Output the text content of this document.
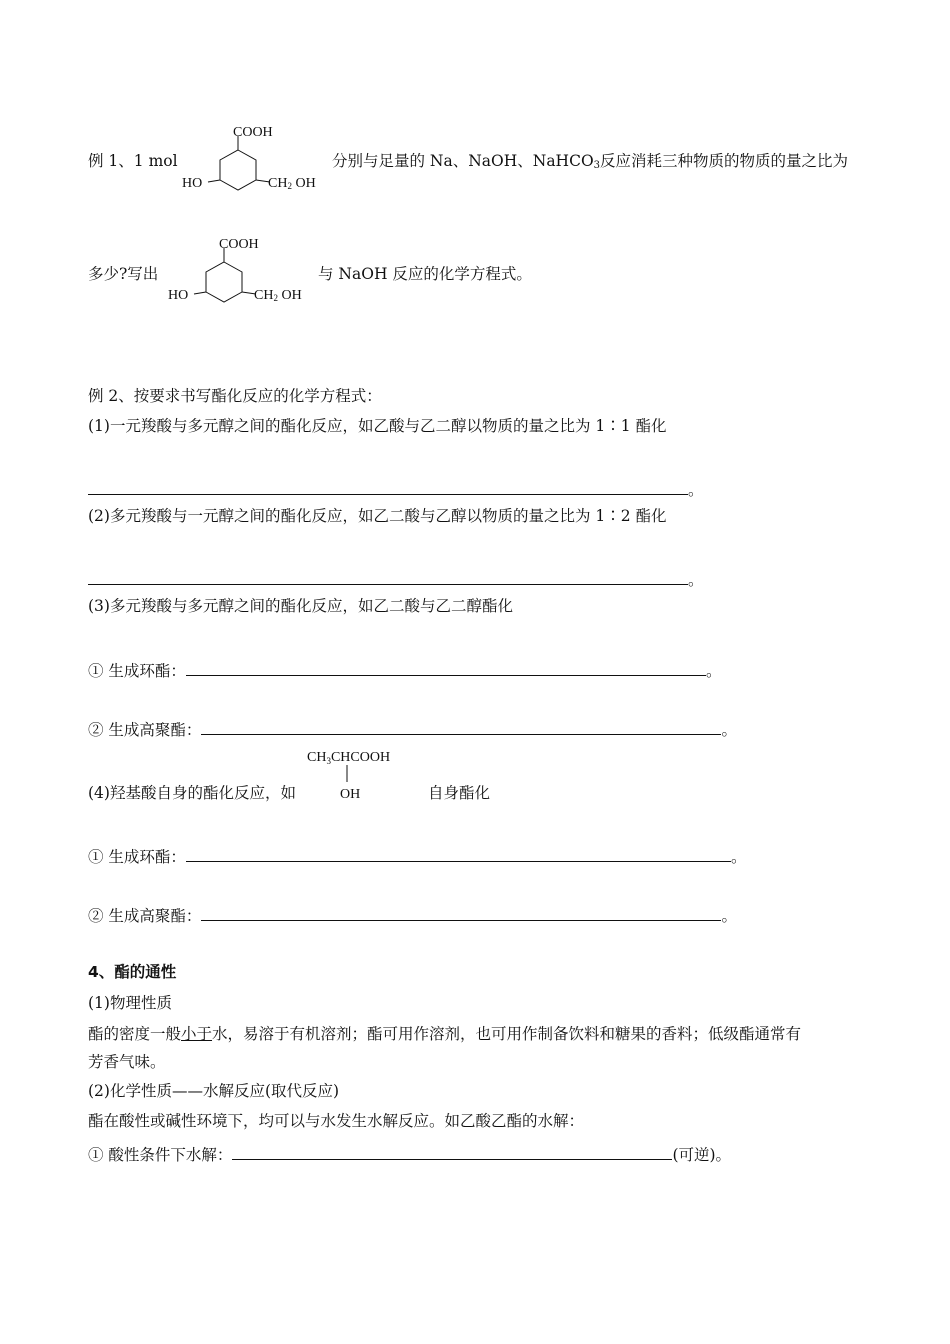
例 1、1 mol
COOH
HO	CH2 OH
分别与足量的 Na、NaOH、NaHCO$_3$反应消耗三种物质的物质的量之比为
多少?写出
COOH
HO	CH2 OH
与 NaOH 反应的化学方程式。
例 2、按要求书写酯化反应的化学方程式：
(1)一元羧酸与多元醇之间的酯化反应，如乙酸与乙二醇以物质的量之比为 1∶1 酯化
。
(2)多元羧酸与一元醇之间的酯化反应，如乙二酸与乙醇以物质的量之比为 1∶2 酯化
。
(3)多元羧酸与多元醇之间的酯化反应，如乙二酸与乙二醇酯化
① 生成环酯：	。
② 生成高聚酯：	。
(4)羟基酸自身的酯化反应，如
$CH_3CHCOOH$
OH	自身酯化
① 生成环酯：	。
② 生成高聚酯：	。
4、酯的通性
(1)物理性质
酯的密度一般小于水，易溶于有机溶剂；酯可用作溶剂，也可用作制备饮料和糖果的香料；低级酯通常有
芳香气味。
(2)化学性质——水解反应(取代反应)
酯在酸性或碱性环境下，均可以与水发生水解反应。如乙酸乙酯的水解：
① 酸性条件下水解：	(可逆)。
